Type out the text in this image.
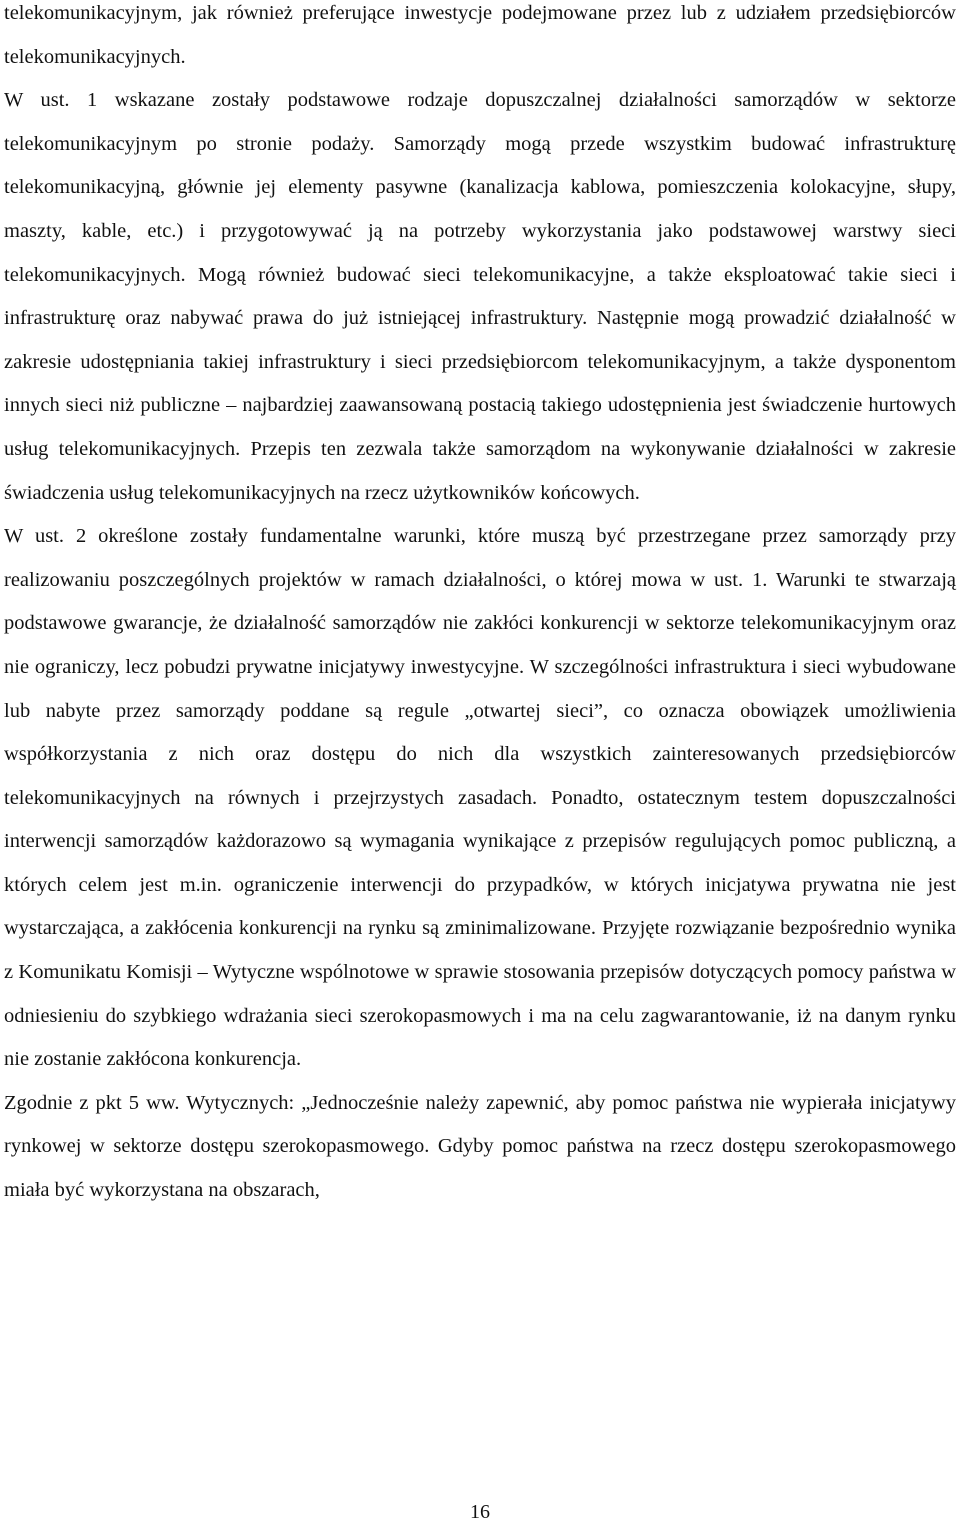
telekomunikacyjnym, jak również preferujące inwestycje podejmowane przez lub z udziałem przedsiębiorców telekomunikacyjnych.

W ust. 1 wskazane zostały podstawowe rodzaje dopuszczalnej działalności samorządów w sektorze telekomunikacyjnym po stronie podaży. Samorządy mogą przede wszystkim budować infrastrukturę telekomunikacyjną, głównie jej elementy pasywne (kanalizacja kablowa, pomieszczenia kolokacyjne, słupy, maszty, kable, etc.) i przygotowywać ją na potrzeby wykorzystania jako podstawowej warstwy sieci telekomunikacyjnych. Mogą również budować sieci telekomunikacyjne, a także eksploatować takie sieci i infrastrukturę oraz nabywać prawa do już istniejącej infrastruktury. Następnie mogą prowadzić działalność w zakresie udostępniania takiej infrastruktury i sieci przedsiębiorcom telekomunikacyjnym, a także dysponentom innych sieci niż publiczne – najbardziej zaawansowaną postacią takiego udostępnienia jest świadczenie hurtowych usług telekomunikacyjnych. Przepis ten zezwala także samorządom na wykonywanie działalności w zakresie świadczenia usług telekomunikacyjnych na rzecz użytkowników końcowych.

W ust. 2 określone zostały fundamentalne warunki, które muszą być przestrzegane przez samorządy przy realizowaniu poszczególnych projektów w ramach działalności, o której mowa w ust. 1. Warunki te stwarzają podstawowe gwarancje, że działalność samorządów nie zakłóci konkurencji w sektorze telekomunikacyjnym oraz nie ograniczy, lecz pobudzi prywatne inicjatywy inwestycyjne. W szczególności infrastruktura i sieci wybudowane lub nabyte przez samorządy poddane są regule „otwartej sieci”, co oznacza obowiązek umożliwienia współkorzystania z nich oraz dostępu do nich dla wszystkich zainteresowanych przedsiębiorców telekomunikacyjnych na równych i przejrzystych zasadach. Ponadto, ostatecznym testem dopuszczalności interwencji samorządów każdorazowo są wymagania wynikające z przepisów regulujących pomoc publiczną, a których celem jest m.in. ograniczenie interwencji do przypadków, w których inicjatywa prywatna nie jest wystarczająca, a zakłócenia konkurencji na rynku są zminimalizowane. Przyjęte rozwiązanie bezpośrednio wynika z Komunikatu Komisji – Wytyczne wspólnotowe w sprawie stosowania przepisów dotyczących pomocy państwa w odniesieniu do szybkiego wdrażania sieci szerokopasmowych i ma na celu zagwarantowanie, iż na danym rynku nie zostanie zakłócona konkurencja.

Zgodnie z pkt 5 ww. Wytycznych: „Jednocześnie należy zapewnić, aby pomoc państwa nie wypierała inicjatywy rynkowej w sektorze dostępu szerokopasmowego. Gdyby pomoc państwa na rzecz dostępu szerokopasmowego miała być wykorzystana na obszarach,

16
